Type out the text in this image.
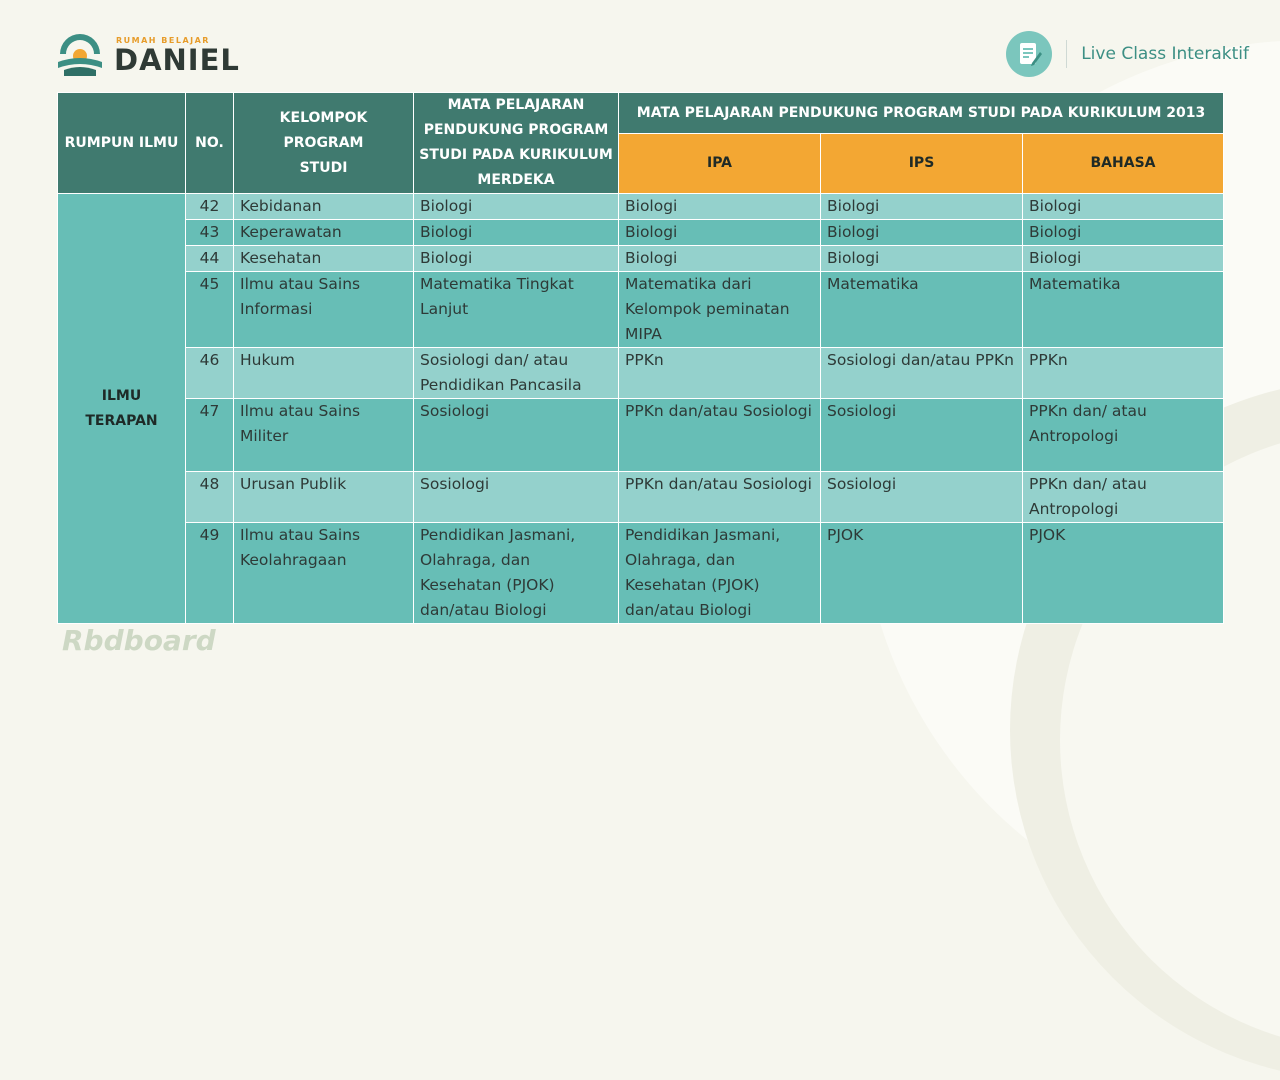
RUMAH BELAJAR
DANIEL	Live Class Interaktif
RUMPUN ILMU	NO.	KELOMPOK PROGRAM STUDI	MATA PELAJARAN PENDUKUNG PROGRAM STUDI PADA KURIKULUM MERDEKA	MATA PELAJARAN PENDUKUNG PROGRAM STUDI PADA KURIKULUM 2013		
				IPA	IPS	BAHASA
ILMU TERAPAN	42	Kebidanan	Biologi	Biologi	Biologi	Biologi
	43	Keperawatan	Biologi	Biologi	Biologi	Biologi
	44	Kesehatan	Biologi	Biologi	Biologi	Biologi
	45	Ilmu atau Sains Informasi	Matematika Tingkat Lanjut	Matematika dari Kelompok peminatan MIPA	Matematika	Matematika
	46	Hukum	Sosiologi dan/ atau Pendidikan Pancasila	PPKn	Sosiologi dan/atau PPKn	PPKn
	47	Ilmu atau Sains Militer	Sosiologi	PPKn dan/atau Sosiologi	Sosiologi	PPKn dan/ atau Antropologi
	48	Urusan Publik	Sosiologi	PPKn dan/atau Sosiologi	Sosiologi	PPKn dan/ atau Antropologi
	49	Ilmu atau Sains Keolahragaan	Pendidikan Jasmani, Olahraga, dan Kesehatan (PJOK) dan/atau Biologi	Pendidikan Jasmani, Olahraga, dan Kesehatan (PJOK) dan/atau Biologi	PJOK	PJOK
Rbdboard
